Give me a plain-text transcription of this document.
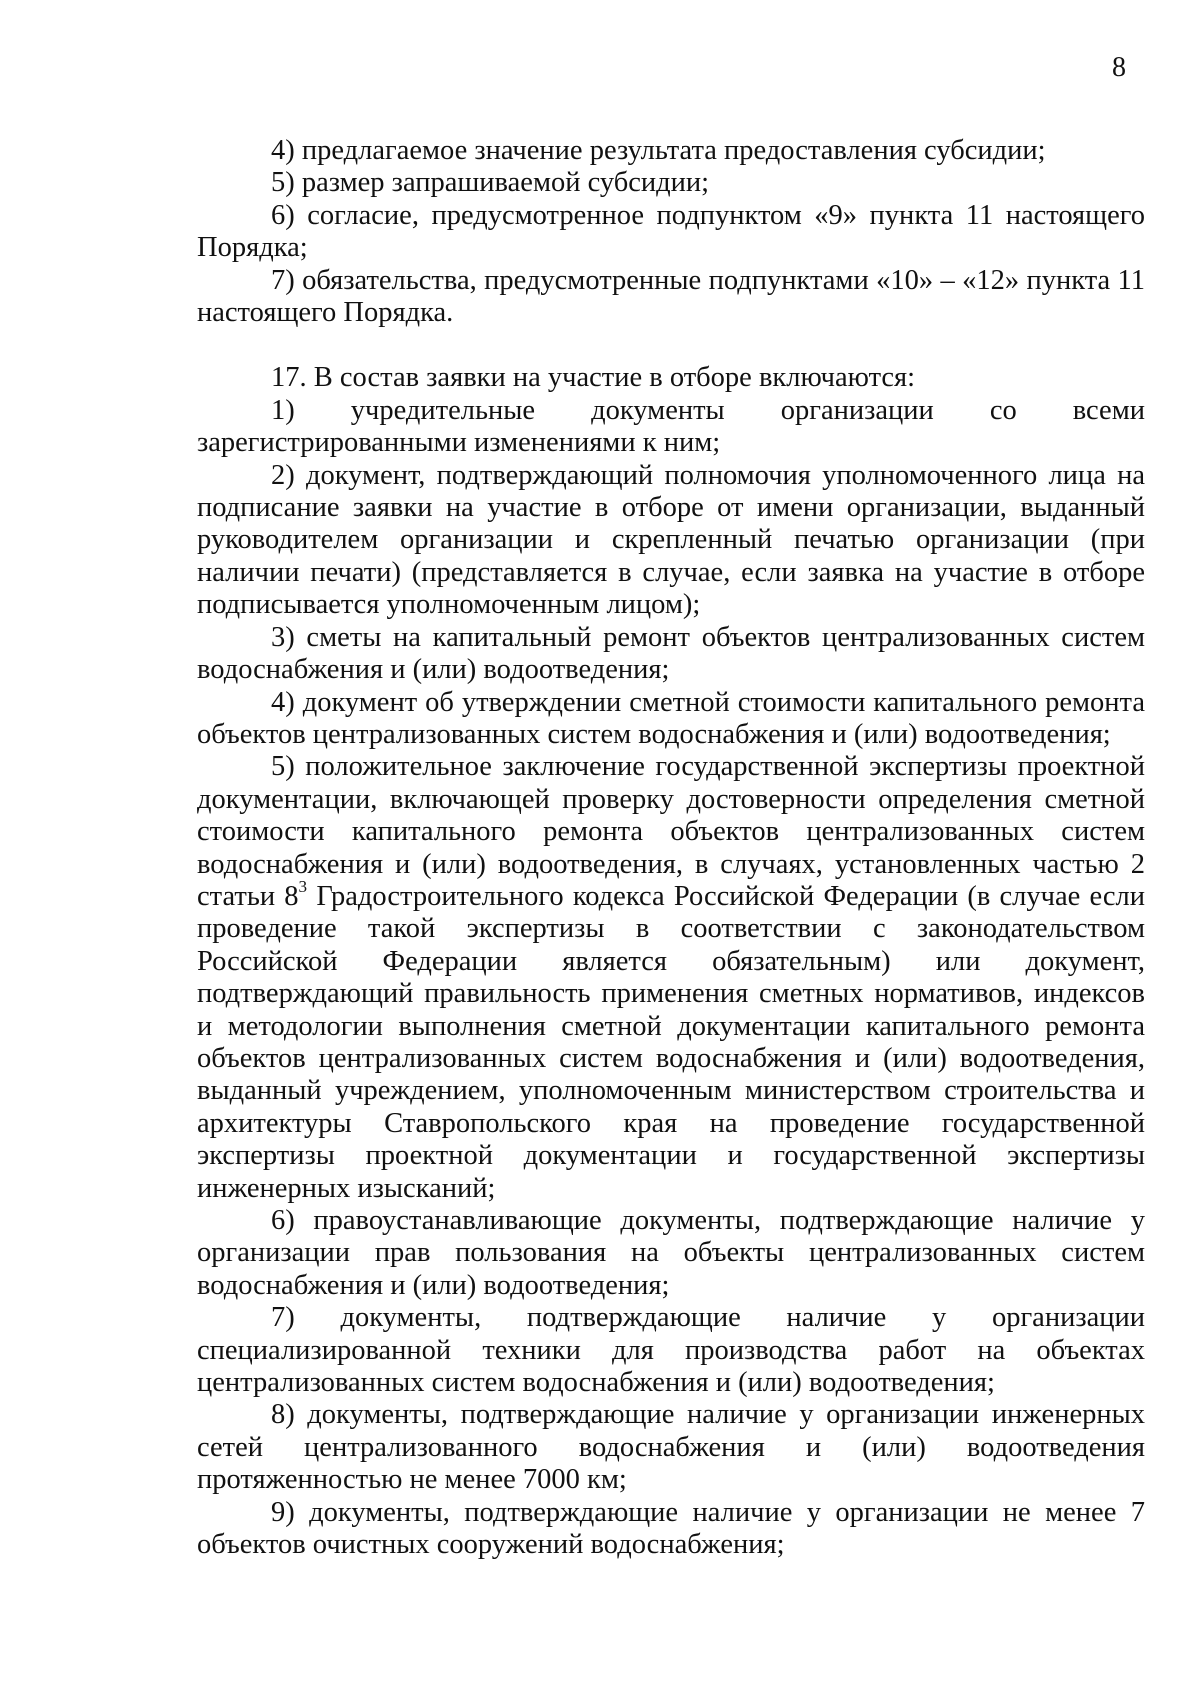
8

4) предлагаемое значение результата предоставления субсидии;

5) размер запрашиваемой субсидии;

6) согласие, предусмотренное подпунктом «9» пункта 11 настоящего Порядка;

7) обязательства, предусмотренные подпунктами «10» – «12» пункта 11 настоящего Порядка.

17. В состав заявки на участие в отборе включаются:

1) учредительные документы организации со всеми зарегистрированными изменениями к ним;

2) документ, подтверждающий полномочия уполномоченного лица на подписание заявки на участие в отборе от имени организации, выданный руководителем организации и скрепленный печатью организации (при наличии печати) (представляется в случае, если заявка на участие в отборе подписывается уполномоченным лицом);

3) сметы на капитальный ремонт объектов централизованных систем водоснабжения и (или) водоотведения;

4) документ об утверждении сметной стоимости капитального ремонта объектов централизованных систем водоснабжения и (или) водоотведения;

5) положительное заключение государственной экспертизы проектной документации, включающей проверку достоверности определения сметной стоимости капитального ремонта объектов централизованных систем водоснабжения и (или) водоотведения, в случаях, установленных частью 2 статьи $8^3$ Градостроительного кодекса Российской Федерации (в случае если проведение такой экспертизы в соответствии с законодательством Российской Федерации является обязательным) или документ, подтверждающий правильность применения сметных нормативов, индексов и методологии выполнения сметной документации капитального ремонта объектов централизованных систем водоснабжения и (или) водоотведения, выданный учреждением, уполномоченным министерством строительства и архитектуры Ставропольского края на проведение государственной экспертизы проектной документации и государственной экспертизы инженерных изысканий;

6) правоустанавливающие документы, подтверждающие наличие у организации прав пользования на объекты централизованных систем водоснабжения и (или) водоотведения;

7) документы, подтверждающие наличие у организации специализированной техники для производства работ на объектах централизованных систем водоснабжения и (или) водоотведения;

8) документы, подтверждающие наличие у организации инженерных сетей централизованного водоснабжения и (или) водоотведения протяженностью не менее 7000 км;

9) документы, подтверждающие наличие у организации не менее 7 объектов очистных сооружений водоснабжения;
